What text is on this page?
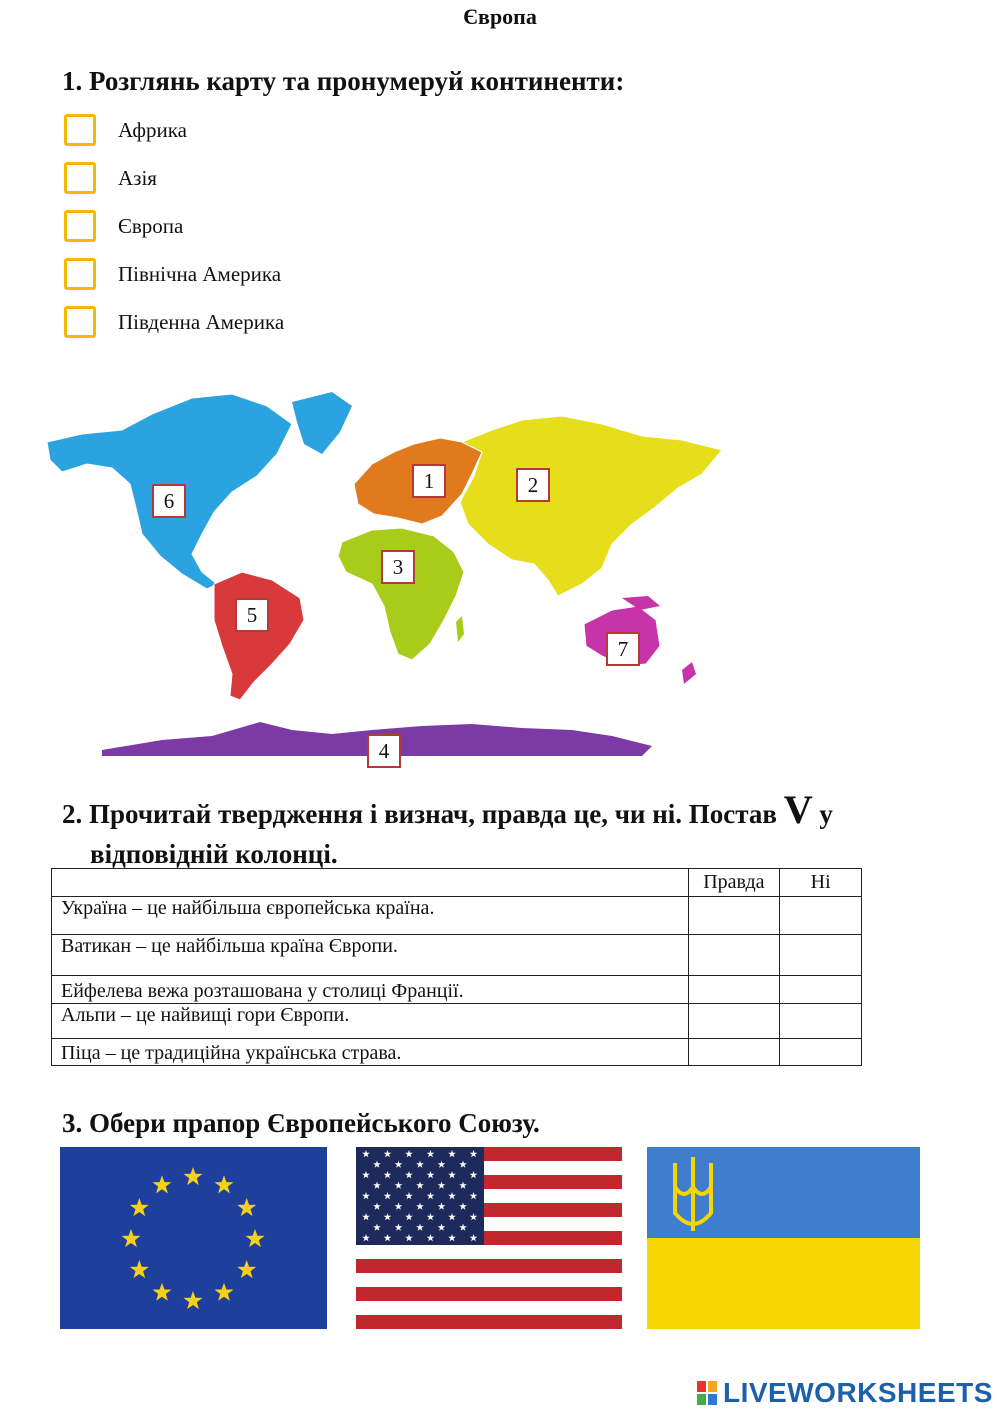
Європа
1. Розглянь карту та пронумеруй континенти:
Африка
Азія
Європа
Північна Америка
Південна Америка
1	2
3
4
5
6
7
2. Прочитай твердження і визнач, правда це, чи ні. Постав V у
відповідній колонці.
	Правда	Ні
Україна – це найбільша європейська країна.		
Ватикан – це найбільша країна Європи.		
Ейфелева вежа розташована у столиці Франції.		
Альпи – це найвищі гори Європи.		
Піца – це традиційна українська страва.		
3. Обери прапор Європейського Союзу.
LIVEWORKSHEETS
